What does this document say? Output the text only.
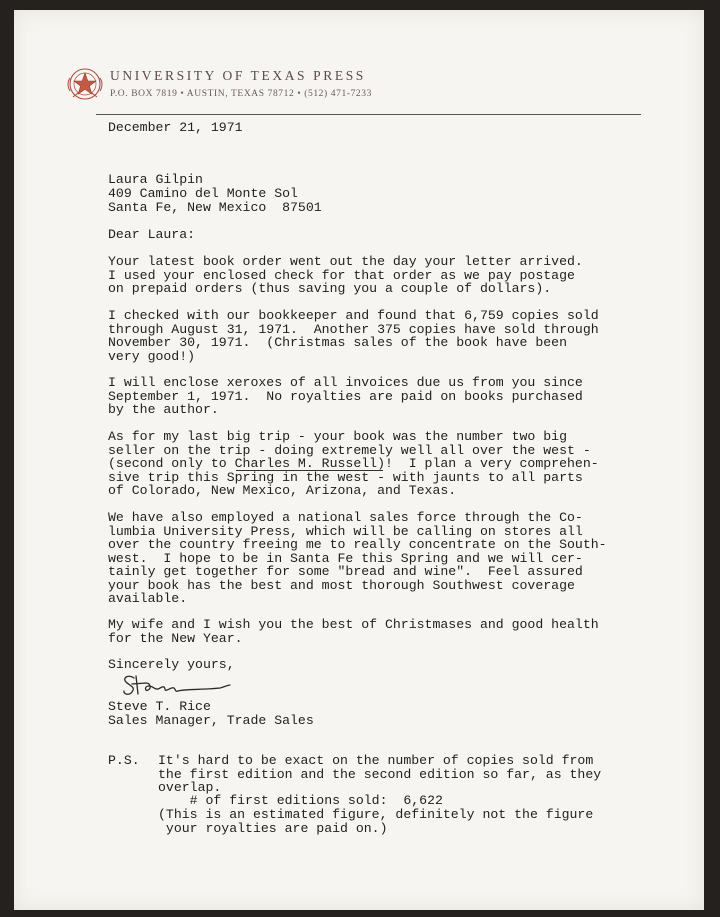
UNIVERSITY OF TEXAS PRESS
P.O. BOX 7819 • AUSTIN, TEXAS 78712 • (512) 471-7233
December 21, 1971
Laura Gilpin
409 Camino del Monte Sol
Santa Fe, New Mexico  87501
Dear Laura:
Your latest book order went out the day your letter arrived.
I used your enclosed check for that order as we pay postage
on prepaid orders (thus saving you a couple of dollars).
I checked with our bookkeeper and found that 6,759 copies sold
through August 31, 1971.  Another 375 copies have sold through
November 30, 1971.  (Christmas sales of the book have been
very good!)
I will enclose xeroxes of all invoices due us from you since
September 1, 1971.  No royalties are paid on books purchased
by the author.
As for my last big trip - your book was the number two big
seller on the trip - doing extremely well all over the west -
(second only to Charles M. Russell)!  I plan a very comprehen-
sive trip this Spring in the west - with jaunts to all parts
of Colorado, New Mexico, Arizona, and Texas.
We have also employed a national sales force through the Co-
lumbia University Press, which will be calling on stores all
over the country freeing me to really concentrate on the South-
west.  I hope to be in Santa Fe this Spring and we will cer-
tainly get together for some "bread and wine".  Feel assured
your book has the best and most thorough Southwest coverage
available.
My wife and I wish you the best of Christmases and good health
for the New Year.
Sincerely yours,
Steve T. Rice
Sales Manager, Trade Sales
P.S. It's hard to be exact on the number of copies sold from
the first edition and the second edition so far, as they
overlap.
# of first editions sold:  6,622
(This is an estimated figure, definitely not the figure
your royalties are paid on.)
